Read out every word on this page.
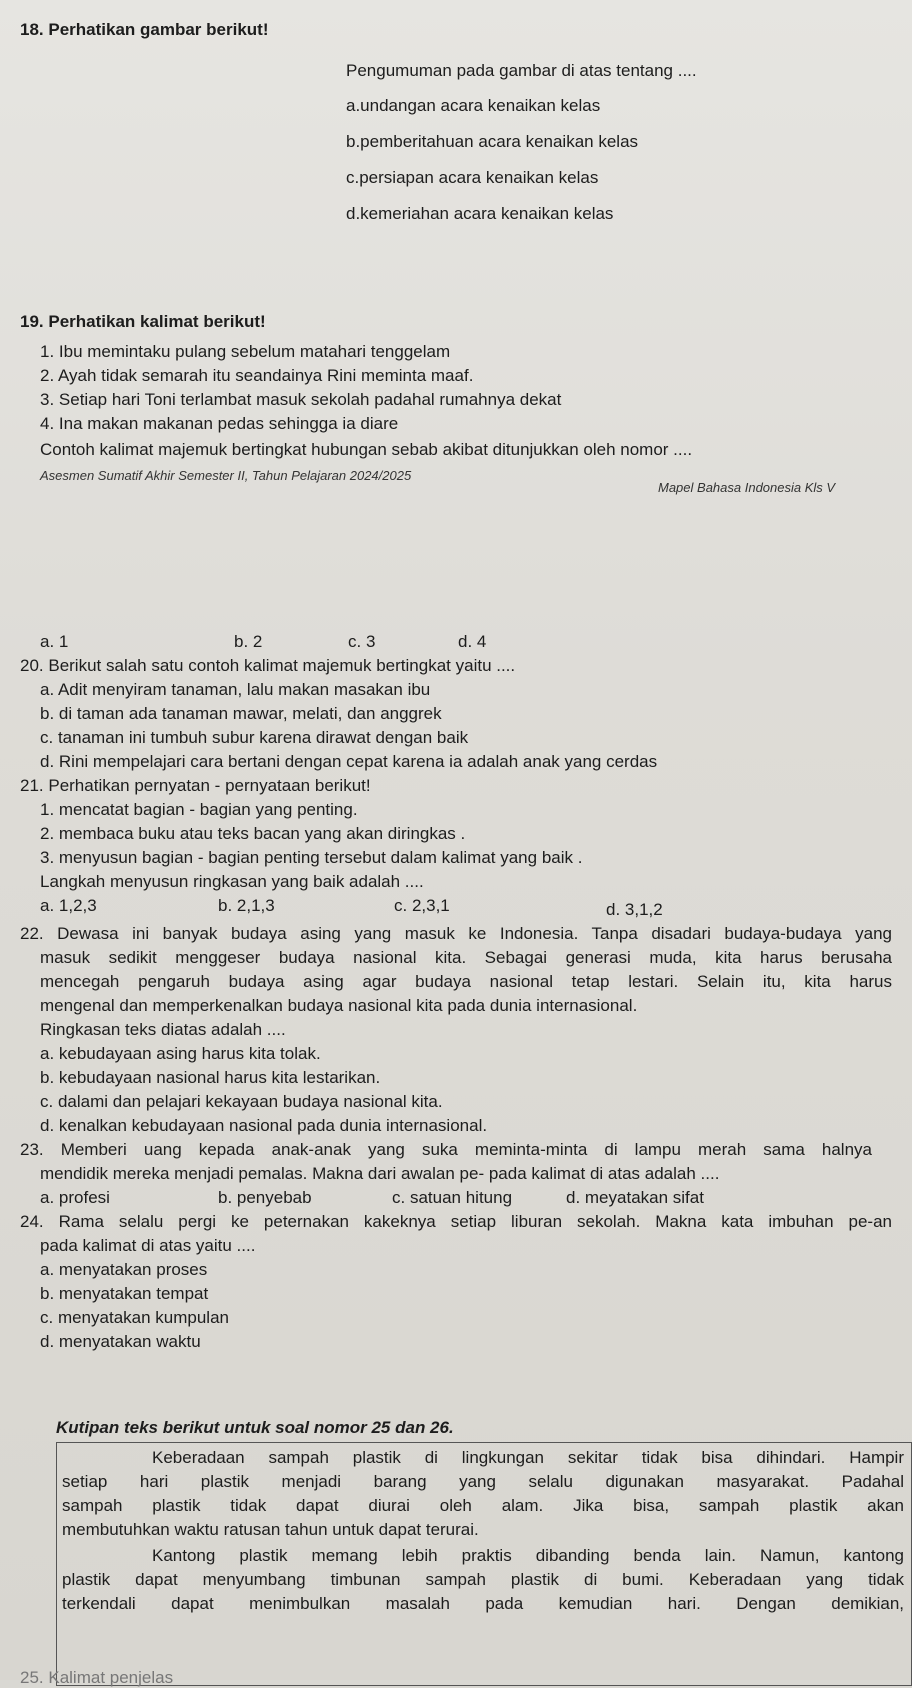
18. Perhatikan gambar berikut!
Pengumuman pada gambar di atas tentang ....
a.undangan acara kenaikan kelas
b.pemberitahuan acara kenaikan kelas
c.persiapan acara kenaikan kelas
d.kemeriahan acara kenaikan kelas
19. Perhatikan kalimat berikut!
1. Ibu memintaku pulang sebelum matahari tenggelam
2. Ayah tidak semarah itu seandainya Rini meminta maaf.
3. Setiap hari Toni terlambat masuk sekolah padahal rumahnya dekat
4. Ina makan makanan pedas sehingga ia diare
Contoh kalimat majemuk bertingkat hubungan sebab akibat ditunjukkan oleh nomor ....
Asesmen Sumatif Akhir Semester II, Tahun Pelajaran 2024/2025
Mapel Bahasa Indonesia Kls V
a. 1	b. 2	c. 3	d. 4
20. Berikut salah satu contoh kalimat majemuk bertingkat yaitu ....
a. Adit menyiram tanaman, lalu makan masakan ibu
b. di taman ada tanaman mawar, melati, dan anggrek
c. tanaman ini tumbuh subur karena dirawat dengan baik
d. Rini mempelajari cara bertani dengan cepat karena ia adalah anak yang cerdas
21. Perhatikan pernyatan - pernyataan berikut!
1. mencatat bagian - bagian yang penting.
2. membaca buku atau teks bacan yang akan diringkas .
3. menyusun bagian - bagian penting tersebut dalam kalimat yang baik .
Langkah menyusun ringkasan yang baik adalah ....
a. 1,2,3	b. 2,1,3	c. 2,3,1	d. 3,1,2
22. Dewasa ini banyak budaya asing yang masuk ke Indonesia. Tanpa disadari budaya-budaya yang
masuk sedikit menggeser budaya nasional kita. Sebagai generasi muda, kita harus berusaha
mencegah pengaruh budaya asing agar budaya nasional tetap lestari. Selain itu, kita harus
mengenal dan memperkenalkan budaya nasional kita pada dunia internasional.
Ringkasan teks diatas adalah ....
a. kebudayaan asing harus kita tolak.
b. kebudayaan nasional harus kita lestarikan.
c. dalami dan pelajari kekayaan budaya nasional kita.
d. kenalkan kebudayaan nasional pada dunia internasional.
23. Memberi uang kepada anak-anak yang suka meminta-minta di lampu merah sama halnya
mendidik mereka menjadi pemalas. Makna dari awalan pe- pada kalimat di atas adalah ....
a. profesi	b. penyebab	c. satuan hitung	d. meyatakan sifat
24. Rama selalu pergi ke peternakan kakeknya setiap liburan sekolah. Makna kata imbuhan pe-an
pada kalimat di atas yaitu ....
a. menyatakan proses
b. menyatakan tempat
c. menyatakan kumpulan
d. menyatakan waktu
Kutipan teks berikut untuk soal nomor 25 dan 26.
Keberadaan sampah plastik di lingkungan sekitar tidak bisa dihindari. Hampir
setiap hari plastik menjadi barang yang selalu digunakan masyarakat. Padahal
sampah plastik tidak dapat diurai oleh alam. Jika bisa, sampah plastik akan
membutuhkan waktu ratusan tahun untuk dapat terurai.
Kantong plastik memang lebih praktis dibanding benda lain. Namun, kantong
plastik dapat menyumbang timbunan sampah plastik di bumi. Keberadaan yang tidak
terkendali dapat menimbulkan masalah pada kemudian hari. Dengan demikian,
25. Kalimat penjelas
